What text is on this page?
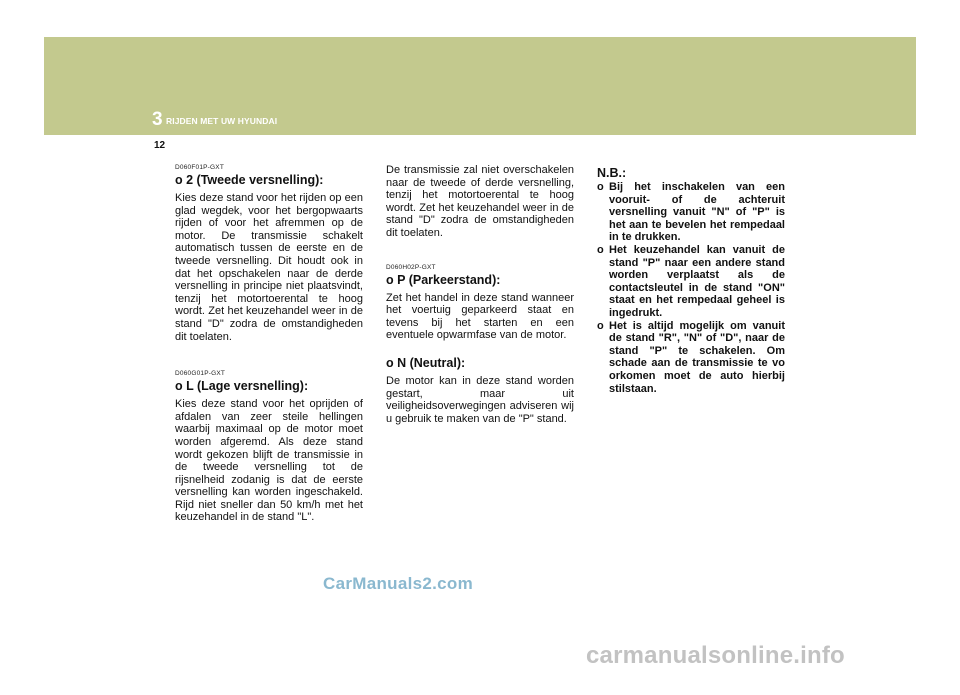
3 RIJDEN MET UW HYUNDAI
12

D060F01P-GXT

o 2 (Tweede versnelling):

Kies deze stand voor het rijden op een glad wegdek, voor het bergopwaarts rijden of voor het afremmen op de motor. De transmissie schakelt automatisch tussen de eerste en de tweede versnelling. Dit houdt ook in dat het opschakelen naar de derde versnelling in principe niet plaatsvindt, tenzij het motortoerental te hoog wordt. Zet het keuzehandel weer in de stand "D" zodra de omstandigheden dit toelaten.

D060G01P-GXT

o L (Lage versnelling):

Kies deze stand voor het oprijden of afdalen van zeer steile hellingen waarbij maximaal op de motor moet worden afgeremd. Als deze stand wordt gekozen blijft de transmissie in de tweede versnelling tot de rijsnelheid zodanig is dat de eerste versnelling kan worden ingeschakeld. Rijd niet sneller dan 50 km/h met het keuzehandel in de stand "L".

De transmissie zal niet overschakelen naar de tweede of derde versnelling, tenzij het motortoerental te hoog wordt. Zet het keuzehandel weer in de stand "D" zodra de omstandigheden dit toelaten.

D060H02P-GXT

o P (Parkeerstand):

Zet het handel in deze stand wanneer het voertuig geparkeerd staat en tevens bij het starten en een eventuele opwarmfase van de motor.

o N (Neutral):

De motor kan in deze stand worden gestart, maar uit veiligheidsoverwegingen adviseren wij u gebruik te maken van de "P" stand.

N.B.:
o Bij het inschakelen van een vooruit- of de achteruit versnelling vanuit "N" of "P" is het aan te bevelen het rempedaal in te drukken.
o Het keuzehandel kan vanuit de stand "P" naar een andere stand worden verplaatst als de contactsleutel in de stand "ON" staat en het rempedaal geheel is ingedrukt.
o Het is altijd mogelijk om vanuit de stand "R", "N" of "D", naar de stand "P" te schakelen. Om schade aan de transmissie te vo orkomen moet de auto hierbij stilstaan.
CarManuals2.com
carmanualsonline.info
